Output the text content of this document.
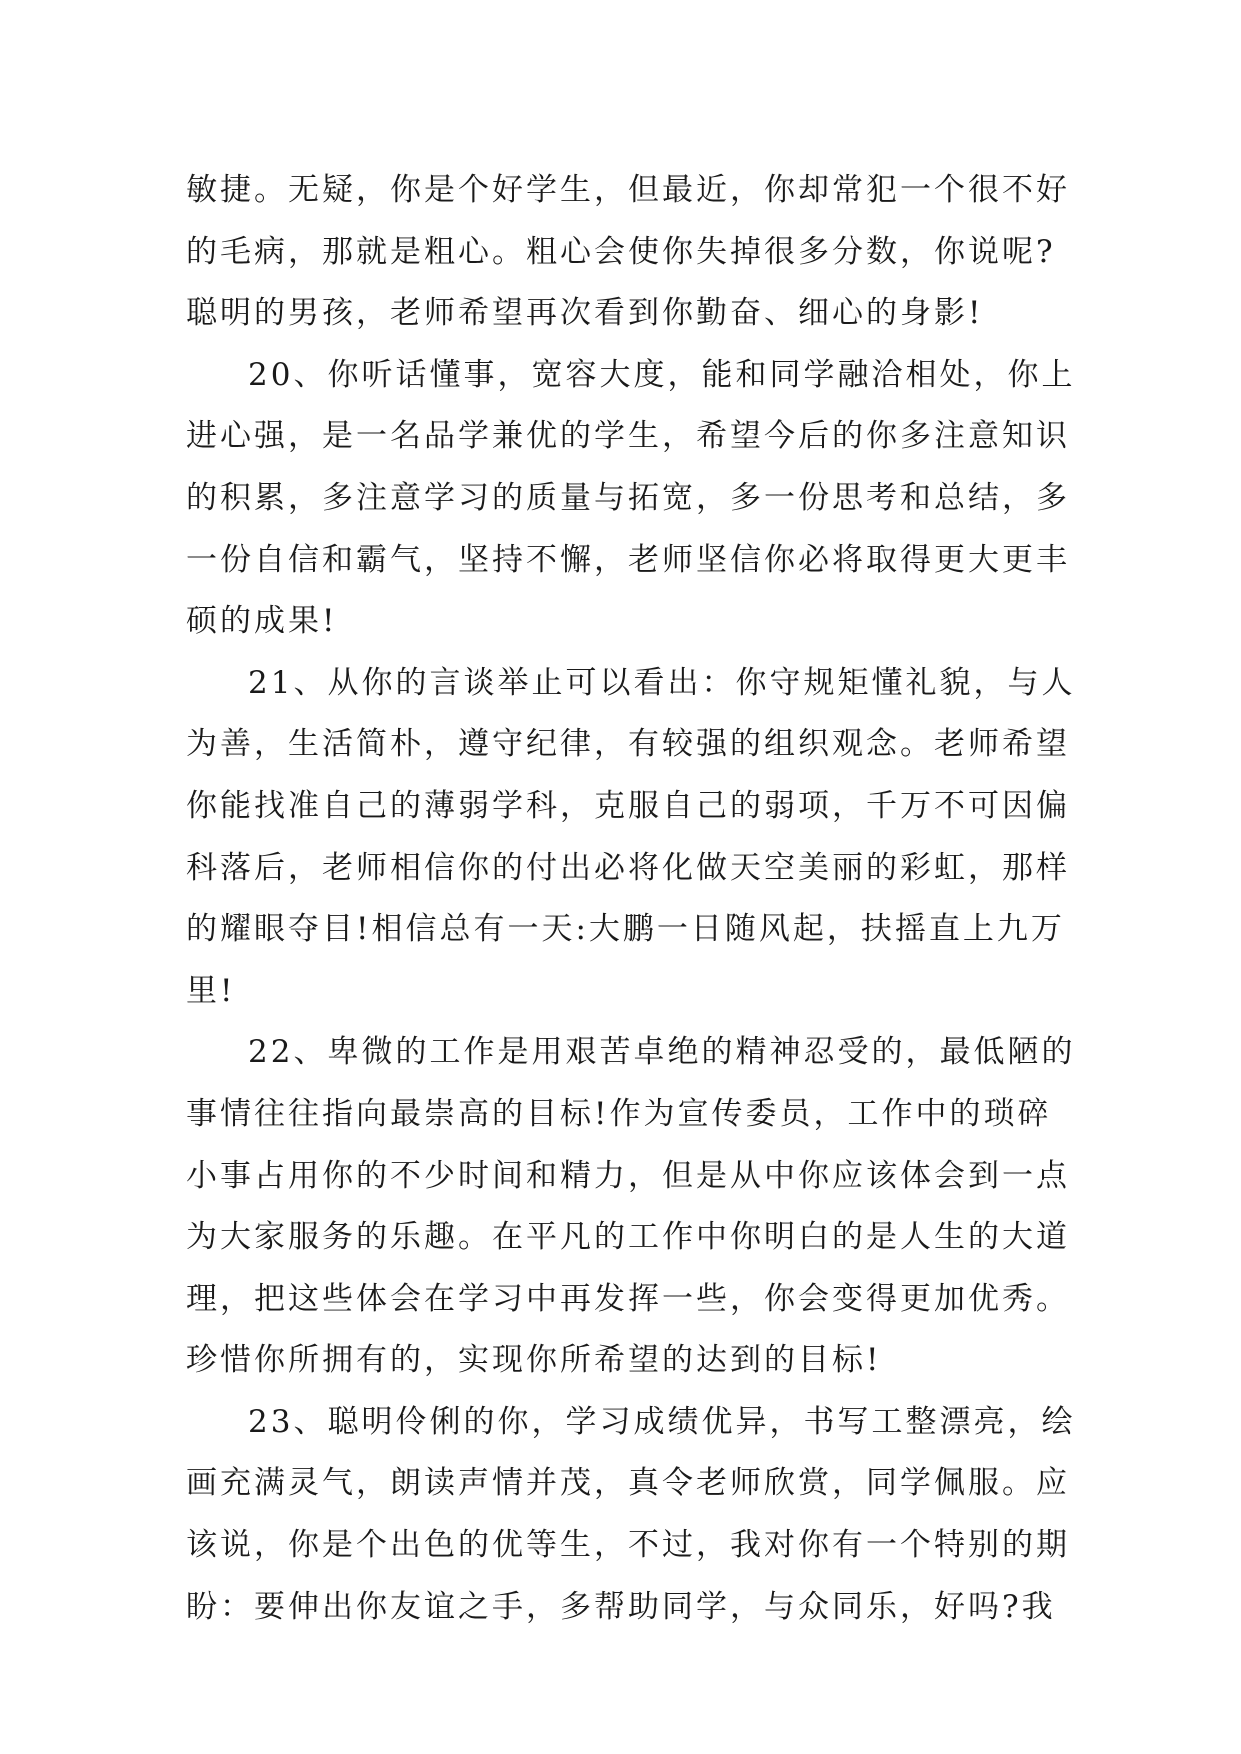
敏捷。无疑，你是个好学生，但最近，你却常犯一个很不好
的毛病，那就是粗心。粗心会使你失掉很多分数，你说呢?
聪明的男孩，老师希望再次看到你勤奋、细心的身影!
20、你听话懂事，宽容大度，能和同学融洽相处，你上
进心强，是一名品学兼优的学生，希望今后的你多注意知识
的积累，多注意学习的质量与拓宽，多一份思考和总结，多
一份自信和霸气，坚持不懈，老师坚信你必将取得更大更丰
硕的成果!
21、从你的言谈举止可以看出：你守规矩懂礼貌，与人
为善，生活简朴，遵守纪律，有较强的组织观念。老师希望
你能找准自己的薄弱学科，克服自己的弱项，千万不可因偏
科落后，老师相信你的付出必将化做天空美丽的彩虹，那样
的耀眼夺目!相信总有一天:大鹏一日随风起，扶摇直上九万
里!
22、卑微的工作是用艰苦卓绝的精神忍受的，最低陋的
事情往往指向最崇高的目标!作为宣传委员，工作中的琐碎
小事占用你的不少时间和精力，但是从中你应该体会到一点
为大家服务的乐趣。在平凡的工作中你明白的是人生的大道
理，把这些体会在学习中再发挥一些，你会变得更加优秀。
珍惜你所拥有的，实现你所希望的达到的目标!
23、聪明伶俐的你，学习成绩优异，书写工整漂亮，绘
画充满灵气，朗读声情并茂，真令老师欣赏，同学佩服。应
该说，你是个出色的优等生，不过，我对你有一个特别的期
盼：要伸出你友谊之手，多帮助同学，与众同乐，好吗?我
